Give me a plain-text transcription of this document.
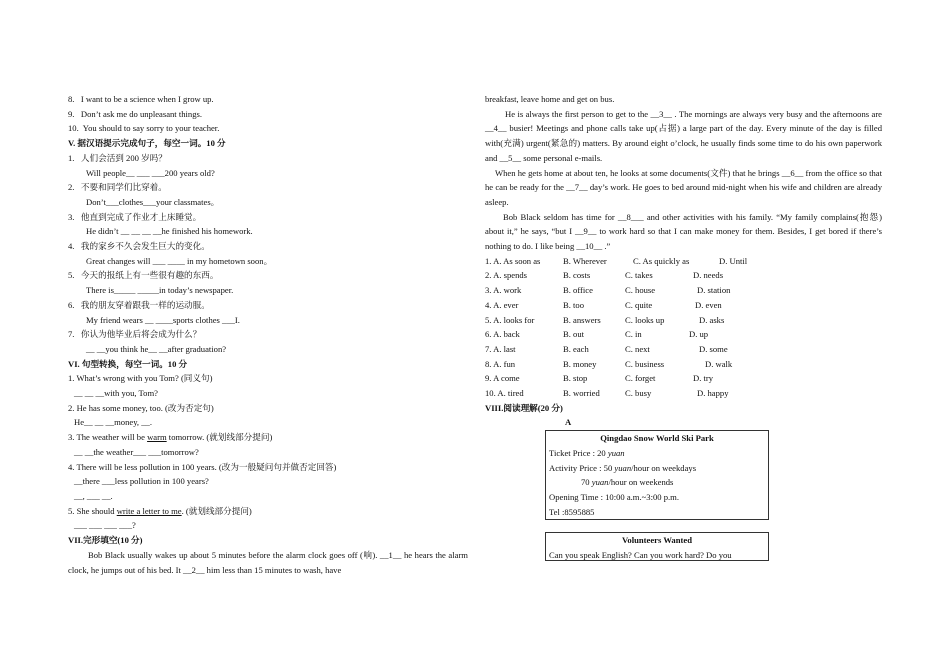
8. I want to be a science when I grow up.
9. Don’t ask me do unpleasant things.
10. You should to say sorry to your teacher.
V. 据汉语提示完成句子，每空一词。10 分
1. 人们会活到 200 岁吗？
Will people__ ___ ___200 years old?
2. 不要和同学们比穿着。
Don’t___clothes___your classmates。
3. 他直到完成了作业才上床睡觉。
He didn’t __ __ __ __he finished his homework.
4. 我的家乡不久会发生巨大的变化。
Great changes will ___ ____ in my hometown soon。
5. 今天的报纸上有一些很有趣的东西。
There is_____ _____in today’s newspaper.
6. 我的朋友穿着跟我一样的运动服。
My friend wears __ ____sports clothes ___I.
7. 你认为他毕业后将会成为什么？
__ __you think he__ __after graduation?
VI. 句型转换，每空一词。10 分
1. What’s wrong with you Tom? (同义句)
__ __ __with you, Tom?
2. He has some money, too. (改为否定句)
He__ __ __money, __.
3. The weather will be warm tomorrow. (就划线部分提问)
__ __the weather___ ___tomorrow?
4. There will be less pollution in 100 years. (改为一般疑问句并做否定回答)
__there ___less pollution in 100 years?
__, ___ __.
5. She should write a letter to me. (就划线部分提问)
___ ___ ___ ___?
VII.完形填空(10 分)
Bob Black usually wakes up about 5 minutes before the alarm clock goes off (响). __1__ he hears the alarm clock, he jumps out of his bed. It __2__ him less than 15 minutes to wash, have
breakfast, leave home and get on bus.
He is always the first person to get to the __3__ . The mornings are always very busy and the afternoons are __4__ busier! Meetings and phone calls take up(占据) a large part of the day. Every minute of the day is filled with(充满) urgent(紧急的) matters. By around eight o’clock, he usually finds some time to do his own paperwork and __5__ some personal e-mails.
When he gets home at about ten, he looks at some documents(文件) that he brings __6__ from the office so that he can be ready for the __7__ day’s work. He goes to bed around mid-night when his wife and children are already asleep.
Bob Black seldom has time for __8___ and other activities with his family. “My family complains(抱怨) about it,” he says, “but I __9__ to work hard so that I can make money for them. Besides, I get bored if there’s nothing to do. I like being __10__ .”
1. A. As soon as	B. Wherever	C. As quickly as	D. Until
2. A. spends	B. costs	C. takes	D. needs
3. A. work	B. office	C. house	D. station
4. A. ever	B. too	C. quite	D. even
5. A. looks for	B. answers	C. looks up	D. asks
6. A. back	B. out	C. in	D. up
7. A. last	B. each	C. next	D. some
8. A. fun	B. money	C. business	D. walk
9. A come	B. stop	C. forget	D. try
10. A. tired	B. worried	C. busy	D. happy
VIII.阅读理解(20 分)
A
Qingdao Snow World Ski Park
Ticket Price : 20 yuan
Activity Price : 50 yuan/hour on weekdays
70 yuan/hour on weekends
Opening Time : 10:00 a.m.~3:00 p.m.
Tel :8595885
Volunteers Wanted
Can you speak English? Can you work hard? Do you
